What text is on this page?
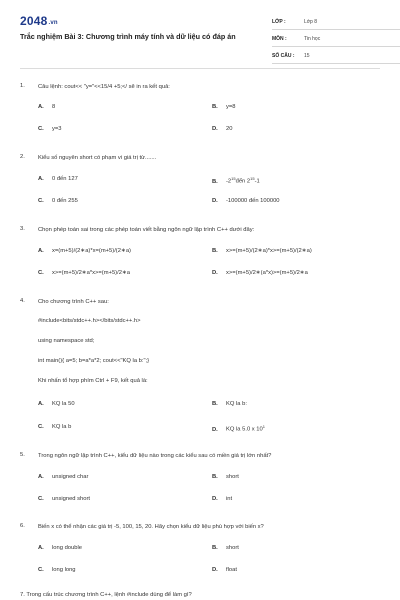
2048.vn
Trắc nghiệm Bài 3: Chương trình máy tính và dữ liệu có đáp án
LỚP :	Lớp 8
MÔN :	Tin học
SỐ CÂU : 15
1. Câu lệnh: cout<< "y="<<15/4 +5;</ sẽ in ra kết quả:
A. 8	B. y=8
C. y=3	D. 20
2. Kiểu số nguyên short có phạm vi giá trị từ.......
A. 0 đến 127	B. $-2^{15}đến$ $2^{15}-1$
C. 0 đến 255	D. -100000 đến 100000
3. Chọn phép toán sai trong các phép toán viết bằng ngôn ngữ lập trình C++ dưới đây:
A. x=(m+5)/(2∗a)*x=(m+5)/(2∗a)	B. x>=(m+5)/(2∗a)*x>=(m+5)/(2∗a)
C. x>=(m+5)/2∗a*x>=(m+5)/2∗a	D. x>=(m+5)/2∗(a*x)>=(m+5)/2∗a
4. Cho chương trình C++ sau:
#include<bits/stdc++.h></bits/stdc++.h>
using namespace std;
int main(){ a=5; b=a*a*2; cout<<"KQ la b:";}
Khi nhấn tổ hợp phím Ctrl + F9, kết quả là:
A. KQ la 50	B. KQ la b:
C. KQ la b	D. KQ la 5.0 x $10^1$
5. Trong ngôn ngữ lập trình C++, kiểu dữ liệu nào trong các kiểu sau có miền giá trị lớn nhất?
A. unsigned char	B. short
C. unsigned short	D. int
6. Biến x có thể nhận các giá trị -5, 100, 15, 20. Hãy chọn kiểu dữ liệu phù hợp với biến x?
A. long double	B. short
C. long long	D. float
7. Trong cấu trúc chương trình C++, lệnh #include dùng để làm gì?
